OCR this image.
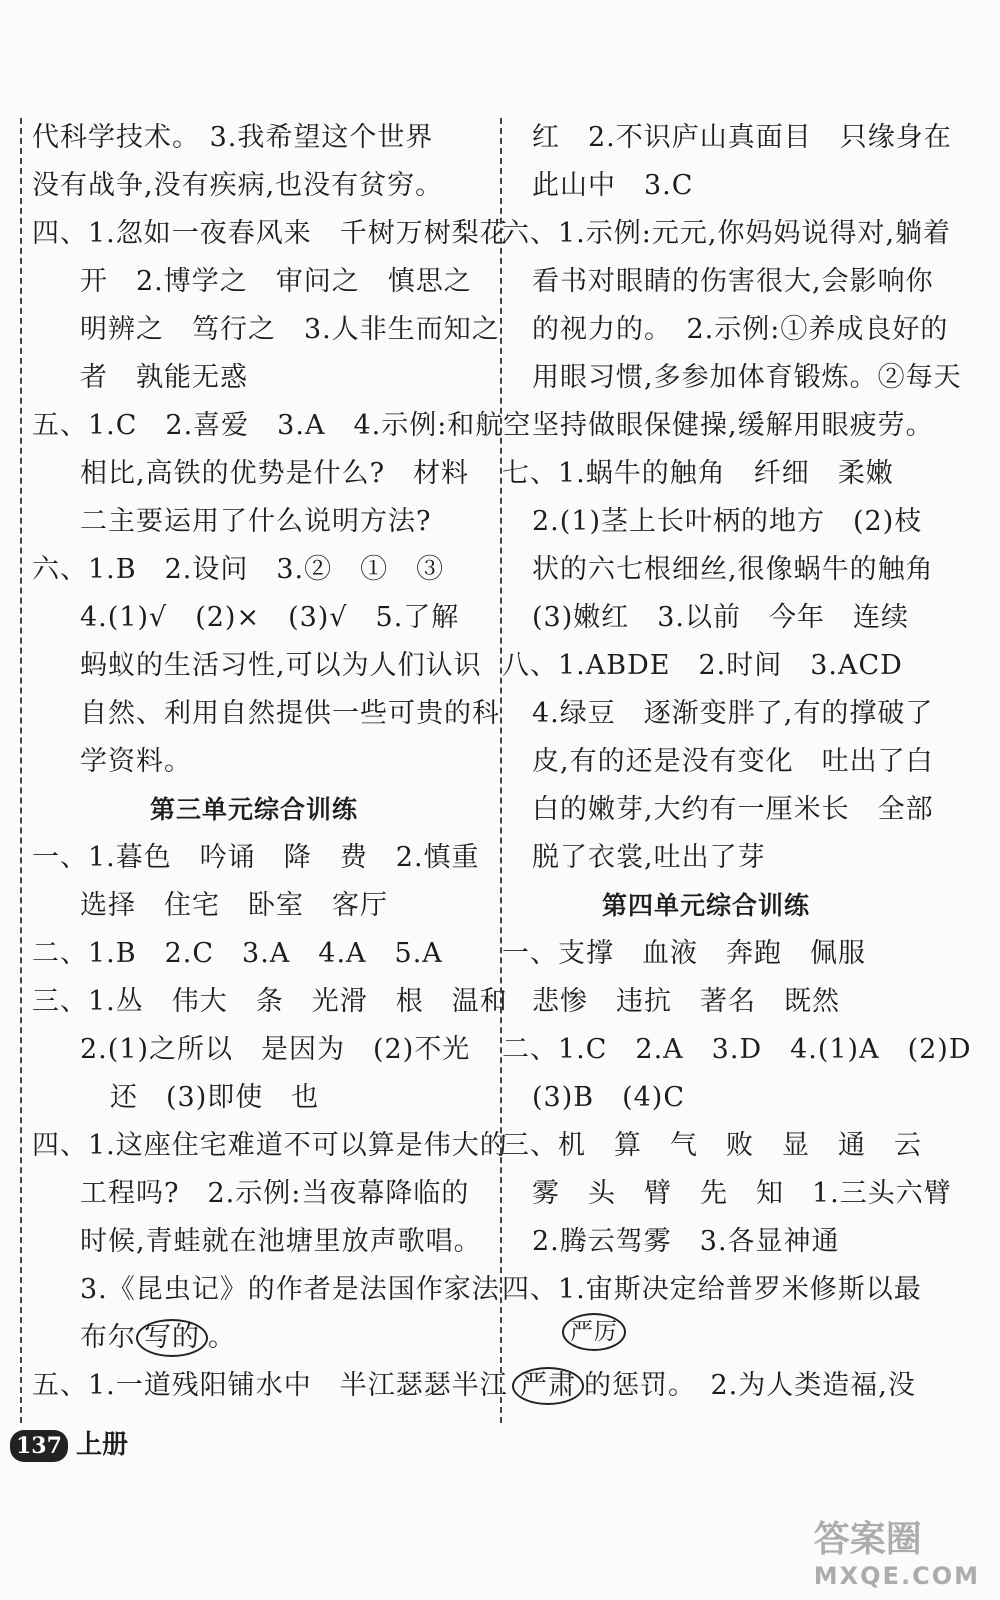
代科学技术。 3.我希望这个世界
没有战争,没有疾病,也没有贫穷。
四、1.忽如一夜春风来　千树万树梨花
开　2.博学之　审问之　慎思之
明辨之　笃行之　3.人非生而知之
者　孰能无惑
五、1.C　2.喜爱　3.A　4.示例:和航空
相比,高铁的优势是什么?　材料
二主要运用了什么说明方法?
六、1.B　2.设问　3.②　①　③
4.(1)√　(2)×　(3)√　5.了解
蚂蚁的生活习性,可以为人们认识
自然、利用自然提供一些可贵的科
学资料。
第三单元综合训练
一、1.暮色　吟诵　降　费　2.慎重
选择　住宅　卧室　客厅
二、1.B　2.C　3.A　4.A　5.A
三、1.丛　伟大　条　光滑　根　温和
2.(1)之所以　是因为　(2)不光
还　(3)即使　也
四、1.这座住宅难道不可以算是伟大的
工程吗?　2.示例:当夜幕降临的
时候,青蛙就在池塘里放声歌唱。
3.《昆虫记》的作者是法国作家法
布尔 写的 。
五、1.一道残阳铺水中　半江瑟瑟半江
红　2.不识庐山真面目　只缘身在
此山中　3.C
六、1.示例:元元,你妈妈说得对,躺着
看书对眼睛的伤害很大,会影响你
的视力的。　2.示例:①养成良好的
用眼习惯,多参加体育锻炼。②每天
坚持做眼保健操,缓解用眼疲劳。
七、1.蜗牛的触角　纤细　柔嫩
2.(1)茎上长叶柄的地方　(2)枝
状的六七根细丝,很像蜗牛的触角
(3)嫩红　3.以前　今年　连续
八、1.ABDE　2.时间　3.ACD
4.绿豆　逐渐变胖了,有的撑破了
皮,有的还是没有变化　吐出了白
白的嫩芽,大约有一厘米长　全部
脱了衣裳,吐出了芽
第四单元综合训练
一、支撑　血液　奔跑　佩服
悲惨　违抗　著名　既然
二、1.C　2.A　3.D　4.(1)A　(2)D
(3)B　(4)C
三、机　算　气　败　显　通　云
雾　头　臂　先　知　1.三头六臂
2.腾云驾雾　3.各显神通
四、1.宙斯决定给普罗米修斯以最
严厉
严肃 的惩罚。　2.为人类造福,没
137 上册
答案圈
MXQE.COM
